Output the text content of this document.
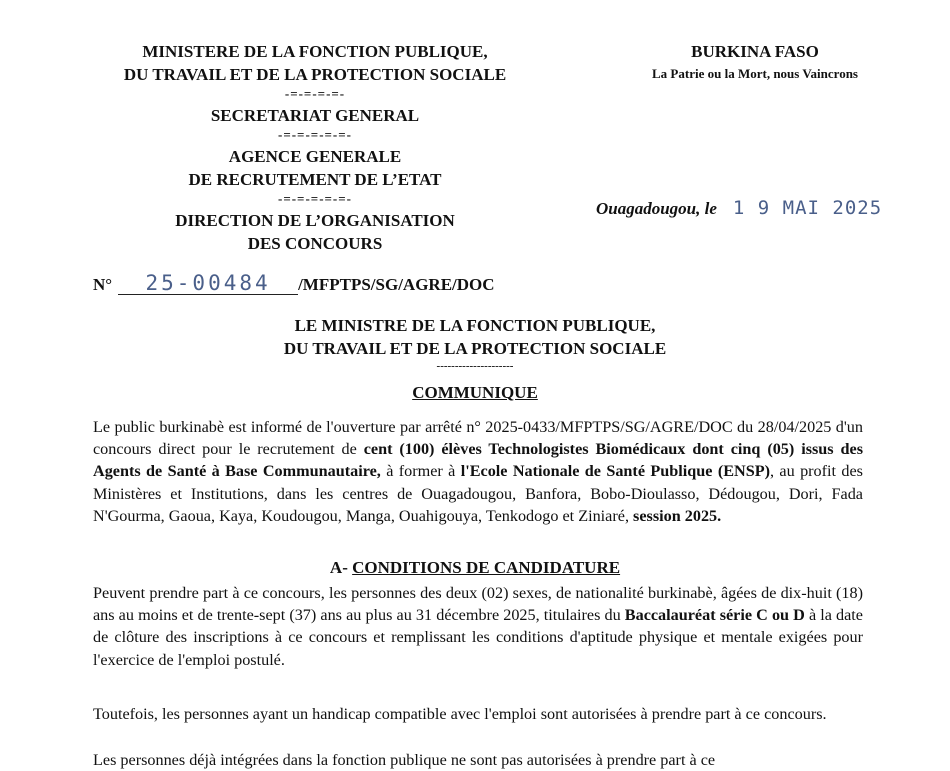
MINISTERE DE LA FONCTION PUBLIQUE,
DU TRAVAIL ET DE LA PROTECTION SOCIALE
-=-=-=-=-
SECRETARIAT GENERAL
-=-=-=-=-=-
AGENCE GENERALE
DE RECRUTEMENT DE L’ETAT
-=-=-=-=-=-
DIRECTION DE L’ORGANISATION
DES CONCOURS
BURKINA FASO
La Patrie ou la Mort, nous Vaincrons
Ouagadougou, le 1 9 MAI 2025
N° 25-00484 /MFPTPS/SG/AGRE/DOC
LE MINISTRE DE LA FONCTION PUBLIQUE,
DU TRAVAIL ET DE LA PROTECTION SOCIALE
---------------------
COMMUNIQUE
Le public burkinabè est informé de l'ouverture par arrêté n° 2025-0433/MFPTPS/SG/AGRE/DOC du 28/04/2025 d'un concours direct pour le recrutement de cent (100) élèves Technologistes Biomédicaux dont cinq (05) issus des Agents de Santé à Base Communautaire, à former à l'Ecole Nationale de Santé Publique (ENSP), au profit des Ministères et Institutions, dans les centres de Ouagadougou, Banfora, Bobo-Dioulasso, Dédougou, Dori, Fada N'Gourma, Gaoua, Kaya, Koudougou, Manga, Ouahigouya, Tenkodogo et Ziniaré, session 2025.
A- CONDITIONS DE CANDIDATURE
Peuvent prendre part à ce concours, les personnes des deux (02) sexes, de nationalité burkinabè, âgées de dix-huit (18) ans au moins et de trente-sept (37) ans au plus au 31 décembre 2025, titulaires du Baccalauréat série C ou D à la date de clôture des inscriptions à ce concours et remplissant les conditions d'aptitude physique et mentale exigées pour l'exercice de l'emploi postulé.
Toutefois, les personnes ayant un handicap compatible avec l'emploi sont autorisées à prendre part à ce concours.
Les personnes déjà intégrées dans la fonction publique ne sont pas autorisées à prendre part à ce
